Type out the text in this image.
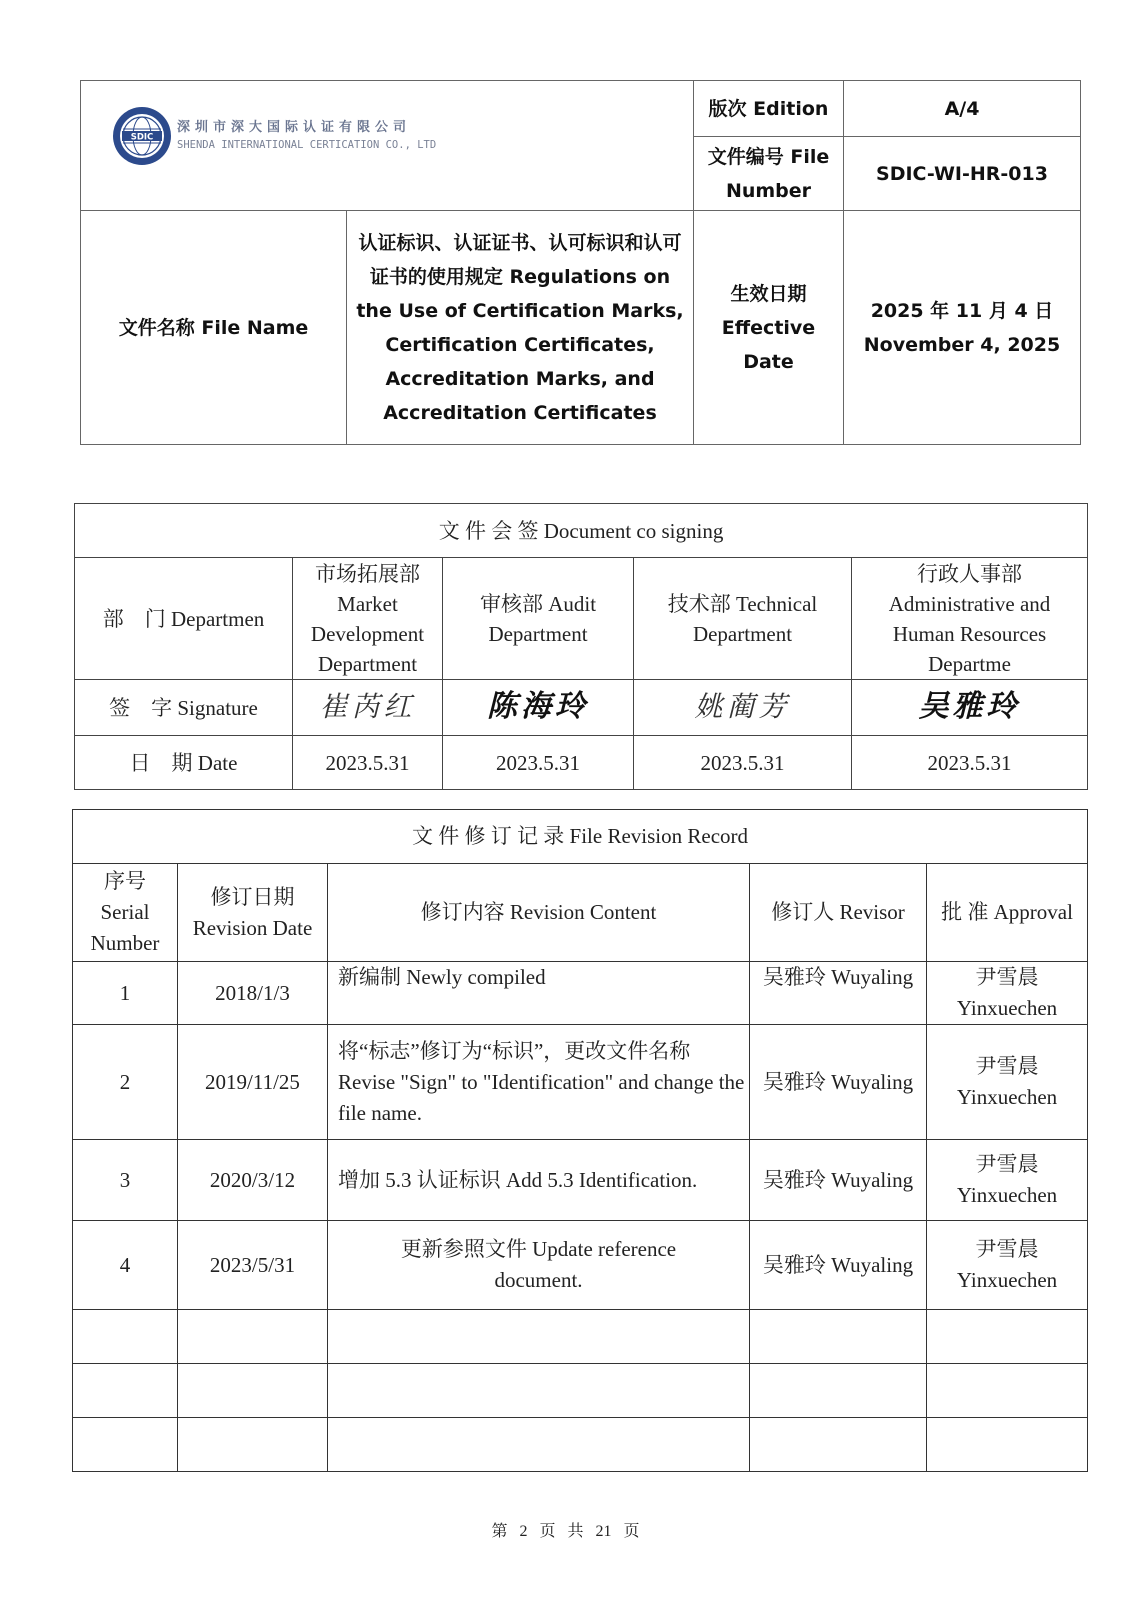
SDIC
深圳市深大国际认证有限公司
SHENDA INTERNATIONAL CERTICATION CO., LTD		版次 Edition	A/4
		文件编号 File Number	SDIC-WI-HR-013
文件名称 File Name	认证标识、认证证书、认可标识和认可证书的使用规定 Regulations on the Use of Certification Marks, Certification Certificates, Accreditation Marks, and Accreditation Certificates	生效日期 Effective Date	2025 年 11 月 4 日
November 4, 2025
文 件 会 签 Document co signing				
部　门 Departmen	市场拓展部 Market Development Department	审核部 Audit Department	技术部 Technical Department	行政人事部 Administrative and Human Resources Departme
签　字 Signature	崔芮红	陈海玲	姚蔺芳	吴雅玲
日　期 Date	2023.5.31	2023.5.31	2023.5.31	2023.5.31
文 件 修 订 记 录 File Revision Record				
序号 Serial Number	修订日期 Revision Date	修订内容 Revision Content	修订人 Revisor	批 准 Approval
1	2018/1/3	新编制 Newly compiled	吴雅玲 Wuyaling	尹雪晨 Yinxuechen
2	2019/11/25	将“标志”修订为“标识”，更改文件名称 Revise "Sign" to "Identification" and change the file name.	吴雅玲 Wuyaling	尹雪晨 Yinxuechen
3	2020/3/12	增加 5.3 认证标识 Add 5.3 Identification.	吴雅玲 Wuyaling	尹雪晨 Yinxuechen
4	2023/5/31	更新参照文件 Update reference document.	吴雅玲 Wuyaling	尹雪晨 Yinxuechen

第 2 页 共 21 页
